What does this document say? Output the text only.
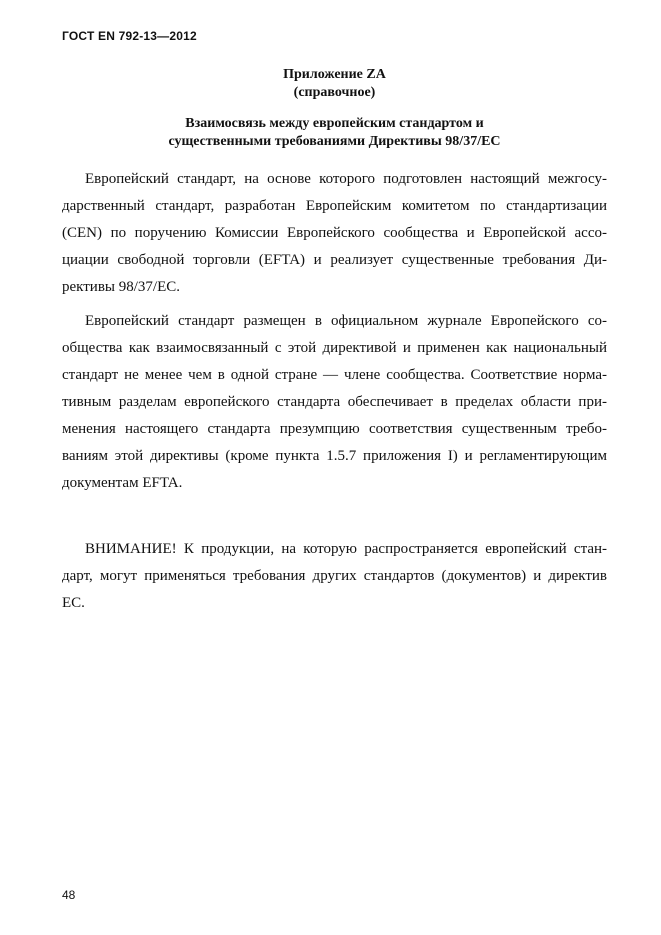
ГОСТ EN 792-13—2012
Приложение ZA
(справочное)
Взаимосвязь между европейским стандартом и
существенными требованиями Директивы 98/37/ЕС
Европейский стандарт, на основе которого подготовлен настоящий межгосу-
дарственный стандарт, разработан Европейским комитетом по стандартизации
(CEN) по поручению Комиссии Европейского сообщества и Европейской ассо-
циации свободной торговли (EFTA) и реализует существенные требования Ди-
рективы 98/37/ЕС.
Европейский стандарт размещен в официальном журнале Европейского со-
общества как взаимосвязанный с этой директивой и применен как национальный
стандарт не менее чем в одной стране — члене сообщества. Соответствие норма-
тивным разделам европейского стандарта обеспечивает в пределах области при-
менения настоящего стандарта презумпцию соответствия существенным требо-
ваниям этой директивы (кроме пункта 1.5.7 приложения I) и регламентирующим
документам EFTA.
ВНИМАНИЕ! К продукции, на которую распространяется европейский стан-
дарт, могут применяться требования других стандартов (документов) и директив
ЕС.
48
